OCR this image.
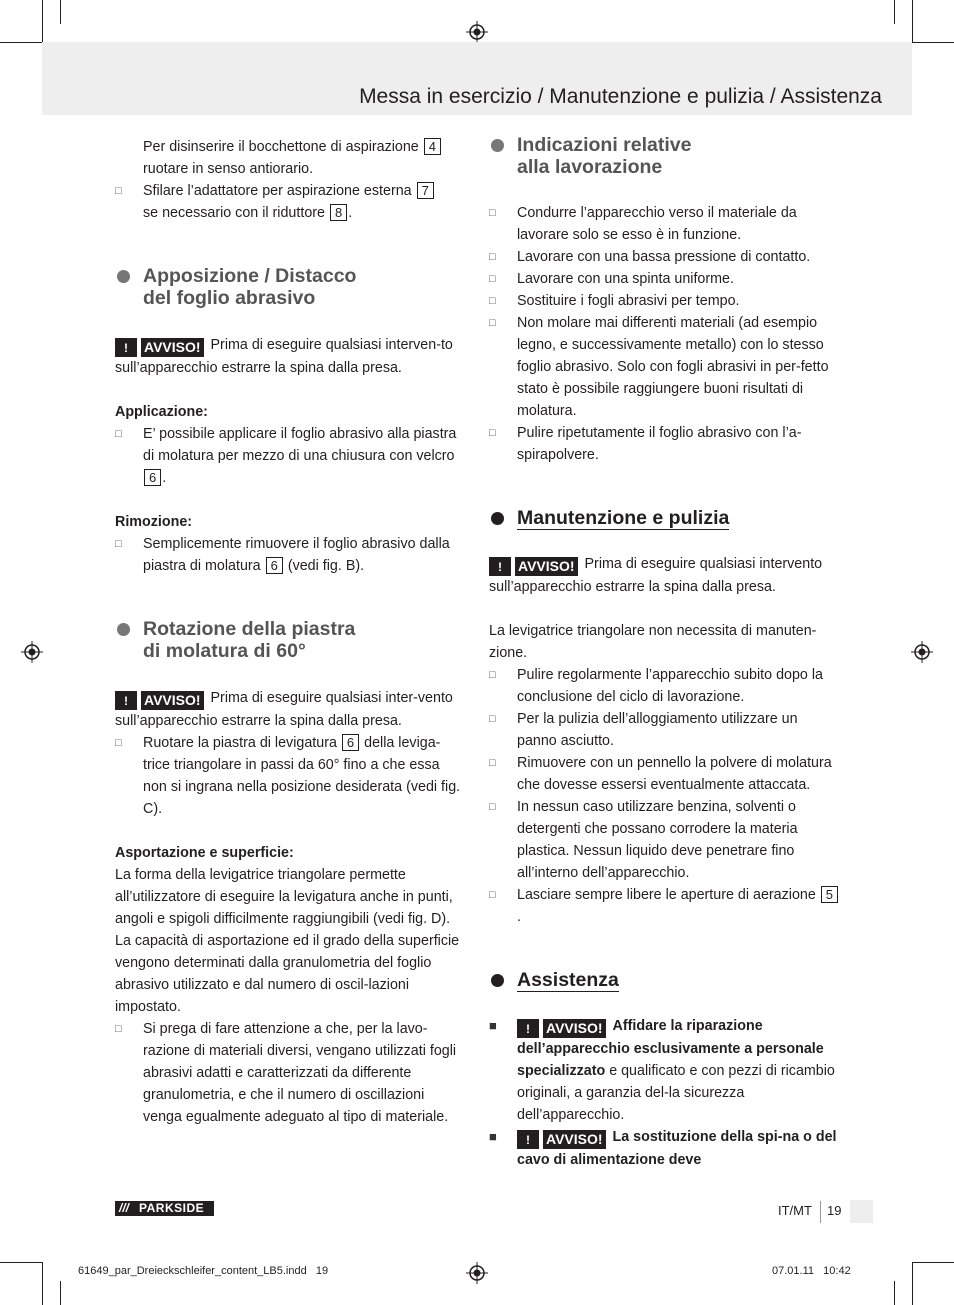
Messa in esercizio / Manutenzione e pulizia / Assistenza
Per disinserire il bocchettone di aspirazione 4
ruotare in senso antiorario.
□ Sfilare l’adattatore per aspirazione esterna 7
se necessario con il riduttore 8 .
Apposizione / Distacco
del foglio abrasivo

!	AVVISO! Prima di eseguire qualsiasi interven-to sull’apparecchio estrarre la spina dalla presa.

Applicazione:

□ E’ possibile applicare il foglio abrasivo alla piastra di molatura per mezzo di una chiusura con velcro 6 .

Rimozione:

□ Semplicemente rimuovere il foglio abrasivo dalla piastra di molatura 6 (vedi fig. B).
Rotazione della piastra
di molatura di 60°

!	AVVISO! Prima di eseguire qualsiasi inter-vento sull’apparecchio estrarre la spina dalla presa.

□ Ruotare la piastra di levigatura 6 della leviga-trice triangolare in passi da 60° fino a che essa non si ingrana nella posizione desiderata (vedi fig. C).

Asportazione e superficie:

La forma della levigatrice triangolare permette all’utilizzatore di eseguire la levigatura anche in punti, angoli e spigoli difficilmente raggiungibili (vedi fig. D).

La capacità di asportazione ed il grado della superficie vengono determinati dalla granulometria del foglio abrasivo utilizzato e dal numero di oscil-lazioni impostato.

□ Si prega di fare attenzione a che, per la lavo-razione di materiali diversi, vengano utilizzati fogli abrasivi adatti e caratterizzati da differente granulometria, e che il numero di oscillazioni venga egualmente adeguato al tipo di materiale.
Indicazioni relative
alla lavorazione
□ Condurre l’apparecchio verso il materiale da lavorare solo se esso è in funzione.
□ Lavorare con una bassa pressione di contatto.
□ Lavorare con una spinta uniforme.
□ Sostituire i fogli abrasivi per tempo.
□ Non molare mai differenti materiali (ad esempio legno, e successivamente metallo) con lo stesso foglio abrasivo. Solo con fogli abrasivi in per-fetto stato è possibile raggiungere buoni risultati di molatura.
□ Pulire ripetutamente il foglio abrasivo con l’a-spirapolvere.
Manutenzione e pulizia

!	AVVISO! Prima di eseguire qualsiasi intervento sull’apparecchio estrarre la spina dalla presa.

La levigatrice triangolare non necessita di manuten-zione.

□ Pulire regolarmente l’apparecchio subito dopo la conclusione del ciclo di lavorazione.
□ Per la pulizia dell’alloggiamento utilizzare un panno asciutto.
□ Rimuovere con un pennello la polvere di molatura che dovesse essersi eventualmente attaccata.
□ In nessun caso utilizzare benzina, solventi o detergenti che possano corrodere la materia plastica. Nessun liquido deve penetrare fino all’interno dell’apparecchio.
□ Lasciare sempre libere le aperture di aerazione 5.
Assistenza
■	!	AVVISO! Affidare la riparazione dell’apparecchio esclusivamente a personale specializzato e qualificato e con pezzi di ricambio originali, a garanzia del-la sicurezza dell’apparecchio.
■	!	AVVISO! La sostituzione della spi-na o del cavo di alimentazione deve
/// PARKSIDE	IT/MT 19
61649_par_Dreieckschleifer_content_LB5.indd   19	07.01.11   10:42
